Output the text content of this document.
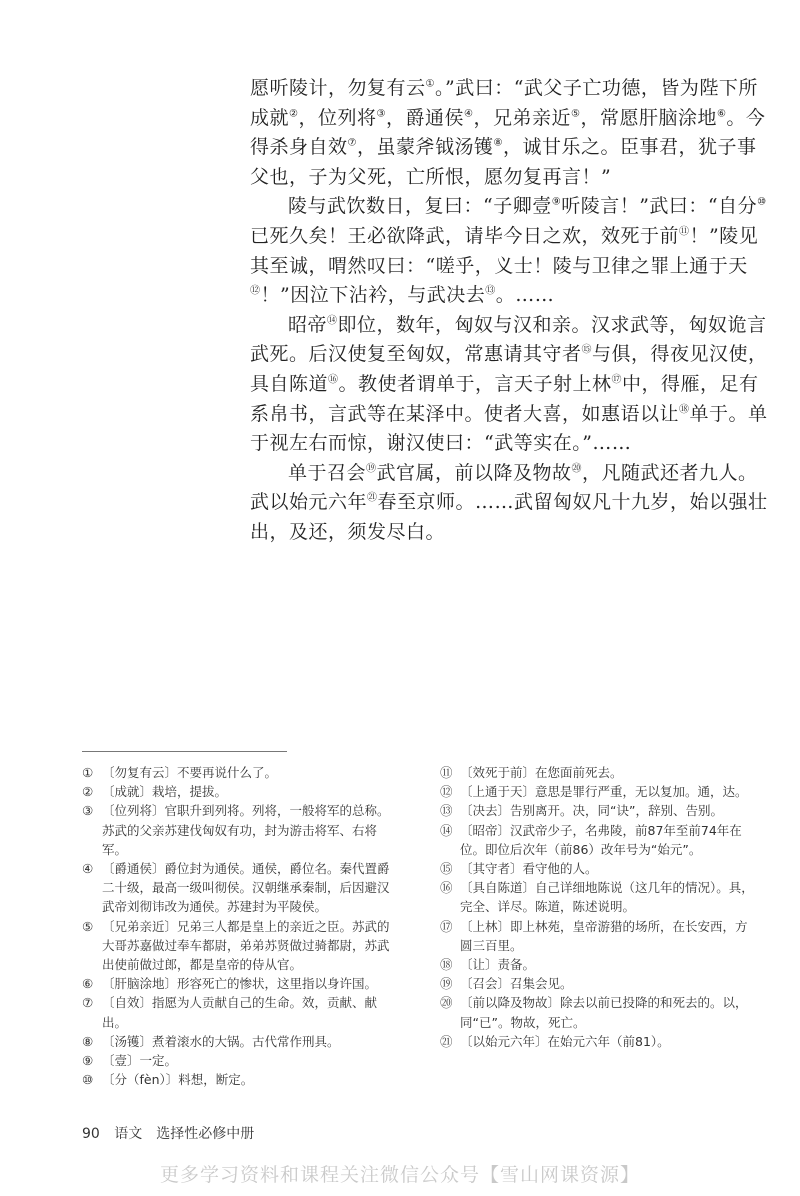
愿听陵计，勿复有云①。”武曰：“武父子亡功德，皆为陛下所成就②，位列将③，爵通侯④，兄弟亲近⑤，常愿肝脑涂地⑥。今得杀身自效⑦，虽蒙斧钺汤镬⑧，诚甘乐之。臣事君，犹子事父也，子为父死，亡所恨，愿勿复再言！”

陵与武饮数日，复曰：“子卿壹⑨听陵言！”武曰：“自分⑩已死久矣！王必欲降武，请毕今日之欢，效死于前⑪！”陵见其至诚，喟然叹曰：“嗟乎，义士！陵与卫律之罪上通于天⑫！”因泣下沾衿，与武决去⑬。……

昭帝⑭即位，数年，匈奴与汉和亲。汉求武等，匈奴诡言武死。后汉使复至匈奴，常惠请其守者⑮与俱，得夜见汉使，具自陈道⑯。教使者谓单于，言天子射上林⑰中，得雁，足有系帛书，言武等在某泽中。使者大喜，如惠语以让⑱单于。单于视左右而惊，谢汉使曰：“武等实在。”……

单于召会⑲武官属，前以降及物故⑳，凡随武还者九人。武以始元六年$^㉑$春至京师。……武留匈奴凡十九岁，始以强壮出，及还，须发尽白。

① 〔勿复有云〕不要再说什么了。
② 〔成就〕栽培，提拔。
③ 〔位列将〕官职升到列将。列将，一般将军的总称。苏武的父亲苏建伐匈奴有功，封为游击将军、右将军。
④ 〔爵通侯〕爵位封为通侯。通侯，爵位名。秦代置爵二十级，最高一级叫彻侯。汉朝继承秦制，后因避汉武帝刘彻讳改为通侯。苏建封为平陵侯。
⑤ 〔兄弟亲近〕兄弟三人都是皇上的亲近之臣。苏武的大哥苏嘉做过奉车都尉，弟弟苏贤做过骑都尉，苏武出使前做过郎，都是皇帝的侍从官。
⑥ 〔肝脑涂地〕形容死亡的惨状，这里指以身许国。
⑦ 〔自效〕指愿为人贡献自己的生命。效，贡献、献出。
⑧ 〔汤镬〕煮着滚水的大锅。古代常作刑具。
⑨ 〔壹〕一定。
⑩ 〔分（fèn）〕料想，断定。
⑪ 〔效死于前〕在您面前死去。
⑫ 〔上通于天〕意思是罪行严重，无以复加。通，达。
⑬ 〔决去〕告别离开。决，同“诀”，辞别、告别。
⑭ 〔昭帝〕汉武帝少子，名弗陵，前87年至前74年在位。即位后次年（前86）改年号为“始元”。
⑮ 〔其守者〕看守他的人。
⑯ 〔具自陈道〕自己详细地陈说（这几年的情况）。具，完全、详尽。陈道，陈述说明。
⑰ 〔上林〕即上林苑，皇帝游猎的场所，在长安西，方圆三百里。
⑱ 〔让〕责备。
⑲ 〔召会〕召集会见。
⑳ 〔前以降及物故〕除去以前已投降的和死去的。以，同“已”。物故，死亡。
㉑ 〔以始元六年〕在始元六年（前81）。
90 语文　选择性必修中册
更多学习资料和课程关注微信公众号【雪山网课资源】
